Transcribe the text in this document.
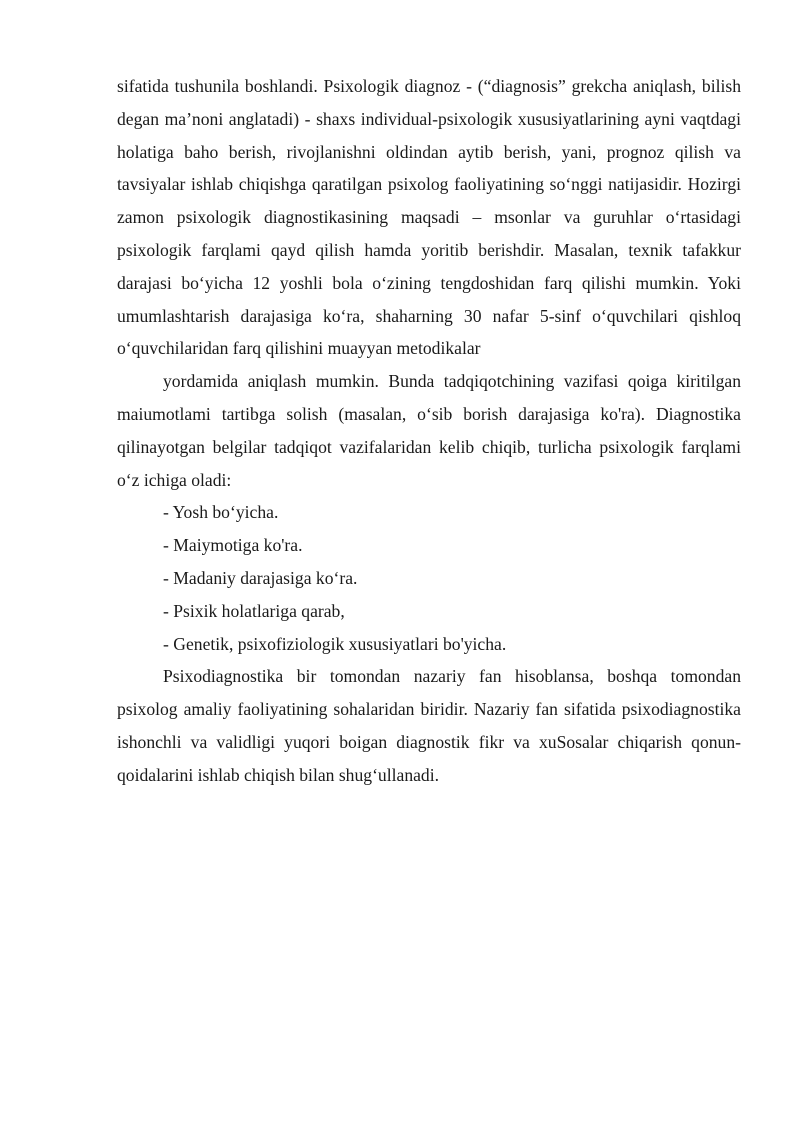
sifatida tushunila boshlandi. Psixologik diagnoz - (“diagnosis” grekcha aniqlash, bilish degan ma’noni anglatadi) - shaxs individual-psixologik xususiyatlarining ayni vaqtdagi holatiga baho berish, rivojlanishni oldindan aytib berish, yani, prognoz qilish va tavsiyalar ishlab chiqishga qaratilgan psixolog faoliyatining so‘nggi natijasidir. Hozirgi zamon psixologik diagnostikasining maqsadi – msonlar va guruhlar o‘rtasidagi psixologik farqlami qayd qilish hamda yoritib berishdir. Masalan, texnik tafakkur darajasi bo‘yicha 12 yoshli bola o‘zining tengdoshidan farq qilishi mumkin. Yoki umumlashtarish darajasiga ko‘ra, shaharning 30 nafar 5-sinf o‘quvchilari qishloq o‘quvchilaridan farq qilishini muayyan metodikalar

yordamida aniqlash mumkin. Bunda tadqiqotchining vazifasi qoiga kiritilgan maiumotlami tartibga solish (masalan, o‘sib borish darajasiga ko'ra). Diagnostika qilinayotgan belgilar tadqiqot vazifalaridan kelib chiqib, turlicha psixologik farqlami o‘z ichiga oladi:

- Yosh bo‘yicha.

- Maiymotiga ko'ra.

- Madaniy darajasiga ko‘ra.

- Psixik holatlariga qarab,

- Genetik, psixofiziologik xususiyatlari bo'yicha.

Psixodiagnostika bir tomondan nazariy fan hisoblansa, boshqa tomondan psixolog amaliy faoliyatining sohalaridan biridir. Nazariy fan sifatida psixodiagnostika ishonchli va validligi yuqori boigan diagnostik fikr va xuSosalar chiqarish qonun-qoidalarini ishlab chiqish bilan shug‘ullanadi.
